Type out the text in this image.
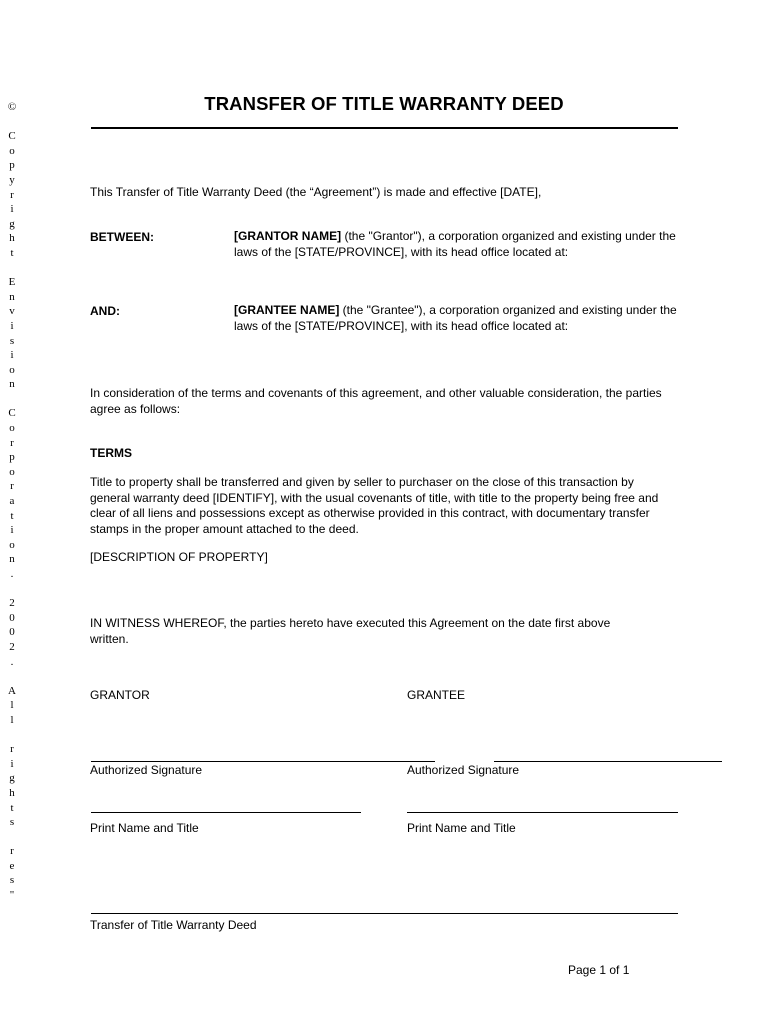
©

C
o
p
y
r
i
g
h
t

E
n
v
i
s
i
o
n

C
o
r
p
o
r
a
t
i
o
n
.

2
0
0
2
.

A
l
l

r
i
g
h
t
s

r
e
s
"
TRANSFER OF TITLE WARRANTY DEED
This Transfer of Title Warranty Deed (the “Agreement”) is made and effective [DATE],
BETWEEN:	[GRANTOR NAME] (the "Grantor"), a corporation organized and existing under the laws of the [STATE/PROVINCE], with its head office located at:
AND:	[GRANTEE NAME] (the "Grantee"), a corporation organized and existing under the laws of the [STATE/PROVINCE], with its head office located at:
In consideration of the terms and covenants of this agreement, and other valuable consideration, the parties agree as follows:
TERMS
Title to property shall be transferred and given by seller to purchaser on the close of this transaction by general warranty deed [IDENTIFY], with the usual covenants of title, with title to the property being free and clear of all liens and possessions except as otherwise provided in this contract, with documentary transfer stamps in the proper amount attached to the deed.
[DESCRIPTION OF PROPERTY]
IN WITNESS WHEREOF, the parties hereto have executed this Agreement on the date first above written.
GRANTOR	GRANTEE
Authorized Signature	Authorized Signature
Print Name and Title	Print Name and Title
Transfer of Title Warranty Deed
Page 1 of 1
